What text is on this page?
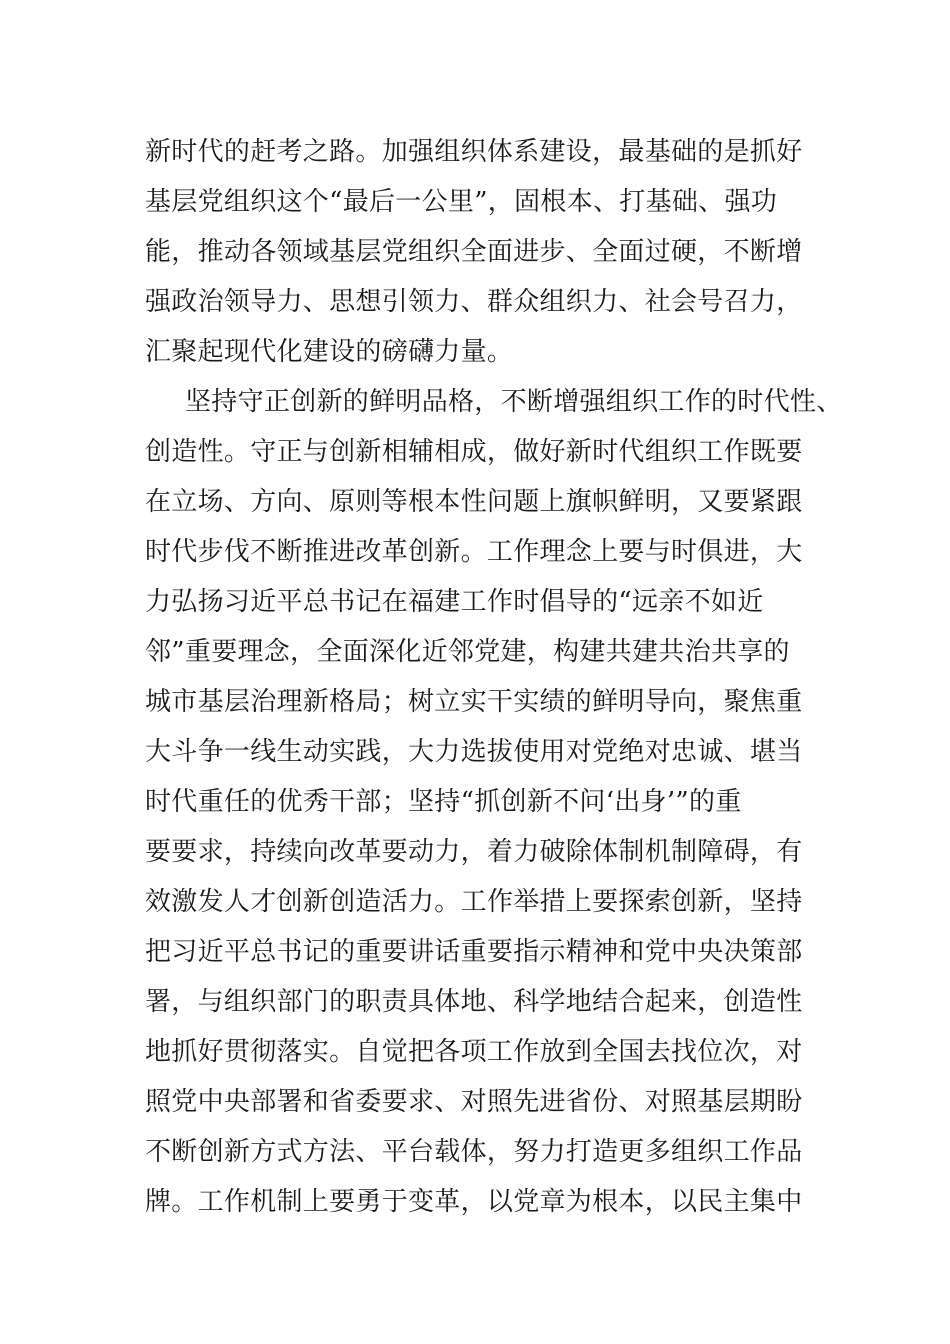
新时代的赶考之路。加强组织体系建设，最基础的是抓好
基层党组织这个“最后一公里”，固根本、打基础、强功
能，推动各领域基层党组织全面进步、全面过硬，不断增
强政治领导力、思想引领力、群众组织力、社会号召力，
汇聚起现代化建设的磅礴力量。
坚持守正创新的鲜明品格，不断增强组织工作的时代性、
创造性。守正与创新相辅相成，做好新时代组织工作既要
在立场、方向、原则等根本性问题上旗帜鲜明，又要紧跟
时代步伐不断推进改革创新。工作理念上要与时俱进，大
力弘扬习近平总书记在福建工作时倡导的“远亲不如近
邻”重要理念，全面深化近邻党建，构建共建共治共享的
城市基层治理新格局；树立实干实绩的鲜明导向，聚焦重
大斗争一线生动实践，大力选拔使用对党绝对忠诚、堪当
时代重任的优秀干部；坚持“抓创新不问‘出身’”的重
要要求，持续向改革要动力，着力破除体制机制障碍，有
效激发人才创新创造活力。工作举措上要探索创新，坚持
把习近平总书记的重要讲话重要指示精神和党中央决策部
署，与组织部门的职责具体地、科学地结合起来，创造性
地抓好贯彻落实。自觉把各项工作放到全国去找位次，对
照党中央部署和省委要求、对照先进省份、对照基层期盼
不断创新方式方法、平台载体，努力打造更多组织工作品
牌。工作机制上要勇于变革，以党章为根本，以民主集中
